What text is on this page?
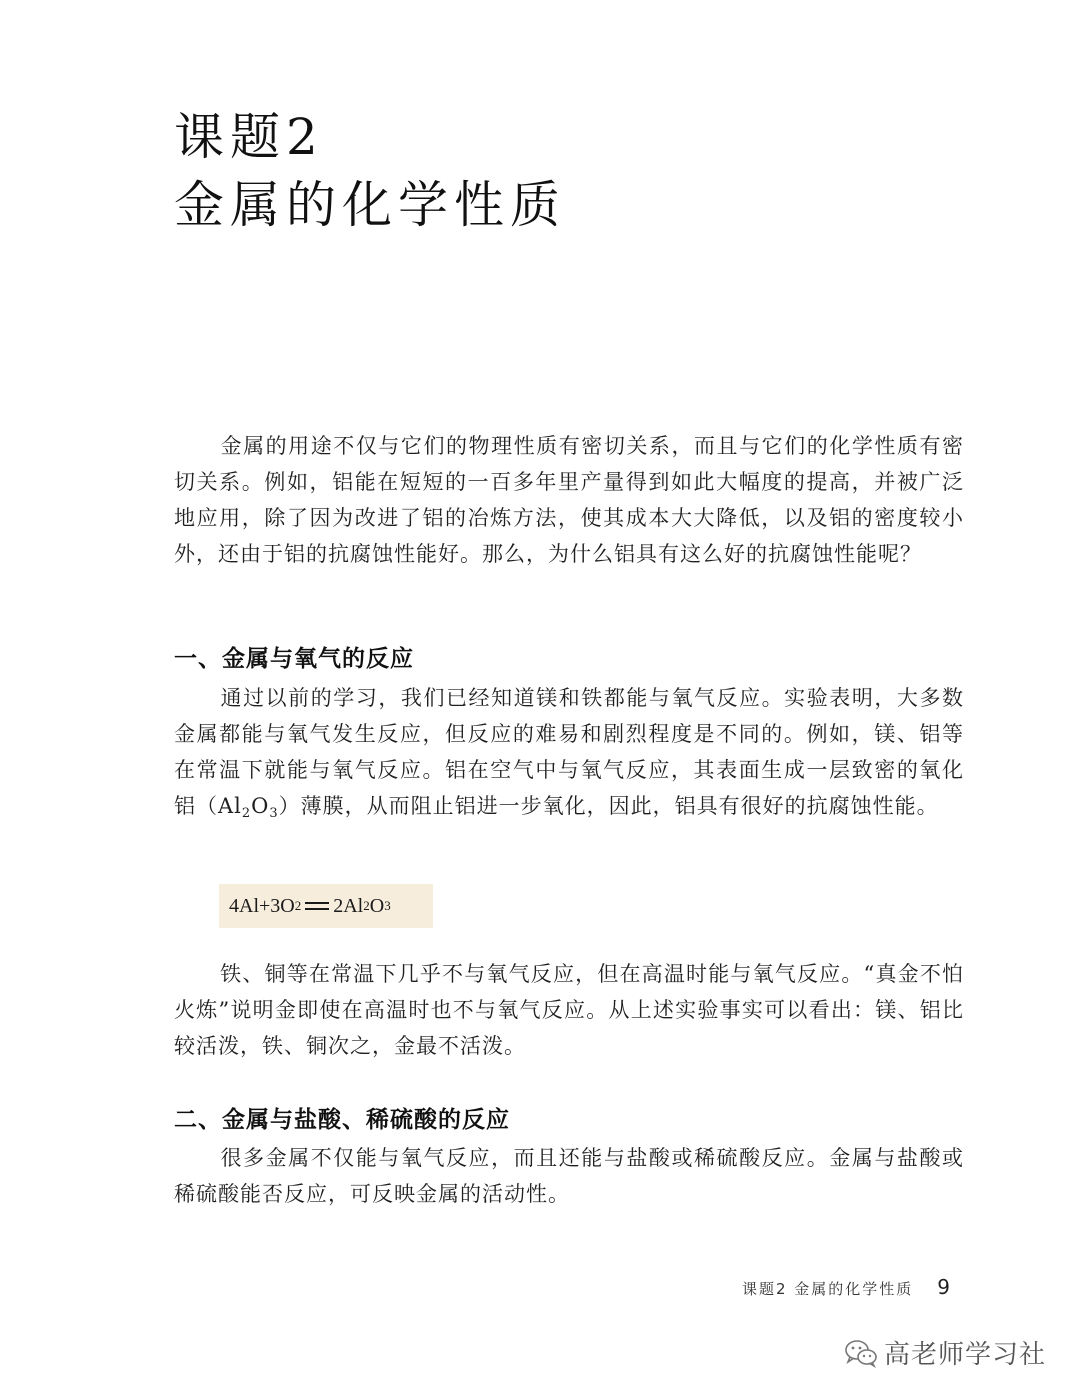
课题2
金属的化学性质

金属的用途不仅与它们的物理性质有密切关系，而且与它们的化学性质有密切关系。例如，铝能在短短的一百多年里产量得到如此大幅度的提高，并被广泛地应用，除了因为改进了铝的冶炼方法，使其成本大大降低，以及铝的密度较小外，还由于铝的抗腐蚀性能好。那么，为什么铝具有这么好的抗腐蚀性能呢？

一、金属与氧气的反应

通过以前的学习，我们已经知道镁和铁都能与氧气反应。实验表明，大多数金属都能与氧气发生反应，但反应的难易和剧烈程度是不同的。例如，镁、铝等在常温下就能与氧气反应。铝在空气中与氧气反应，其表面生成一层致密的氧化铝$(Al_2O_3)$薄膜，从而阻止铝进一步氧化，因此，铝具有很好的抗腐蚀性能。

4Al+3O 2 2Al 2 O 3

铁、铜等在常温下几乎不与氧气反应，但在高温时能与氧气反应。“真金不怕火炼”说明金即使在高温时也不与氧气反应。从上述实验事实可以看出：镁、铝比较活泼，铁、铜次之，金最不活泼。

二、金属与盐酸、稀硫酸的反应

很多金属不仅能与氧气反应，而且还能与盐酸或稀硫酸反应。金属与盐酸或稀硫酸能否反应，可反映金属的活动性。

课题2 金属的化学性质 9
高老师学习社
